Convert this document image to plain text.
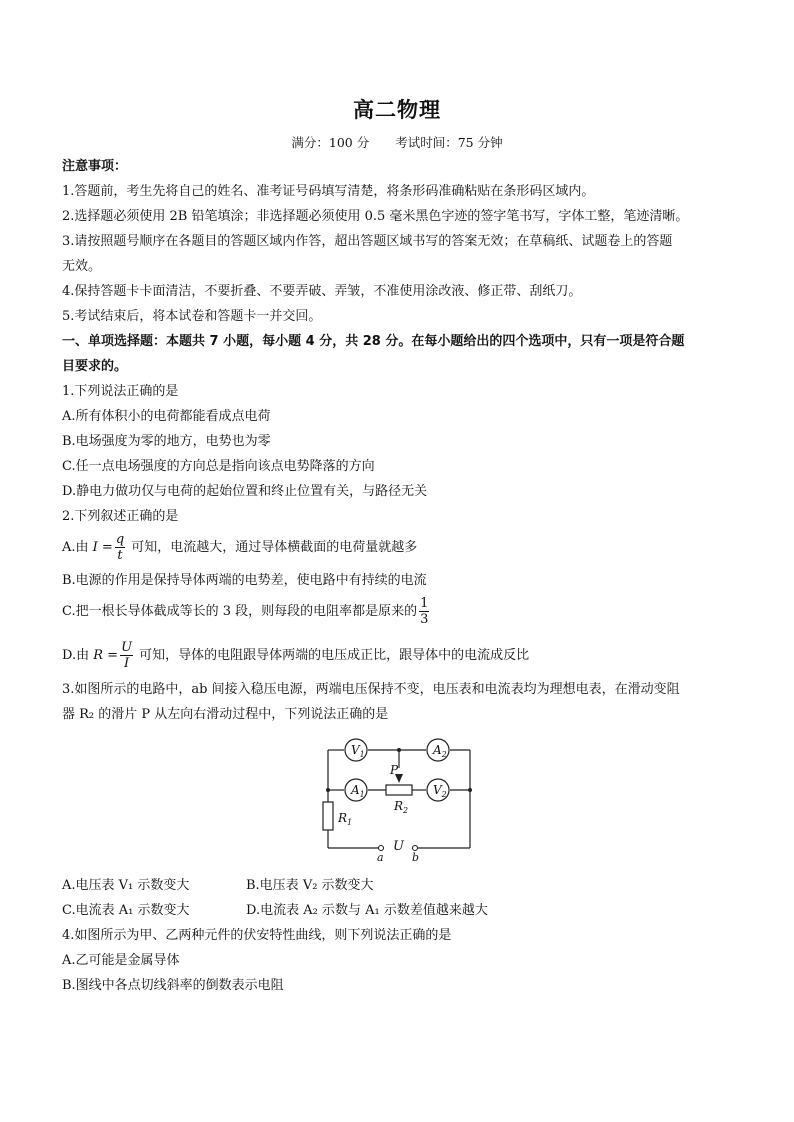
高二物理
满分：100 分 考试时间：75 分钟
注意事项：
1.答题前，考生先将自己的姓名、准考证号码填写清楚，将条形码准确粘贴在条形码区域内。
2.选择题必须使用 2B 铅笔填涂；非选择题必须使用 0.5 毫米黑色字迹的签字笔书写，字体工整，笔迹清晰。
3.请按照题号顺序在各题目的答题区域内作答，超出答题区域书写的答案无效；在草稿纸、试题卷上的答题
无效。
4.保持答题卡卡面清洁，不要折叠、不要弄破、弄皱，不准使用涂改液、修正带、刮纸刀。
5.考试结束后，将本试卷和答题卡一并交回。
一、单项选择题：本题共 7 小题，每小题 4 分，共 28 分。在每小题给出的四个选项中，只有一项是符合题
目要求的。
1.下列说法正确的是
A.所有体积小的电荷都能看成点电荷
B.电场强度为零的地方，电势也为零
C.任一点电场强度的方向总是指向该点电势降落的方向
D.静电力做功仅与电荷的起始位置和终止位置有关，与路径无关
2.下列叙述正确的是
A.由 $I = \frac{q}{t}$ 可知，电流越大，通过导体横截面的电荷量就越多
B.电源的作用是保持导体两端的电势差，使电路中有持续的电流
C.把一根长导体截成等长的 3 段，则每段的电阻率都是原来的 $\frac{1}{3}$
D.由 $R = \frac{U}{I}$ 可知，导体的电阻跟导体两端的电压成正比，跟导体中的电流成反比
3.如图所示的电路中，ab 间接入稳压电源，两端电压保持不变，电压表和电流表均为理想电表，在滑动变阻
器 R₂ 的滑片 P 从左向右滑动过程中，下列说法正确的是
$V_1$	$A_2$
$A_1$	$V_2$
P
$R_2$
$R_1$
U
a	b
A.电压表 V₁ 示数变大	B.电压表 V₂ 示数变大
C.电流表 A₁ 示数变大	D.电流表 A₂ 示数与 A₁ 示数差值越来越大
4.如图所示为甲、乙两种元件的伏安特性曲线，则下列说法正确的是
A.乙可能是金属导体
B.图线中各点切线斜率的倒数表示电阻
